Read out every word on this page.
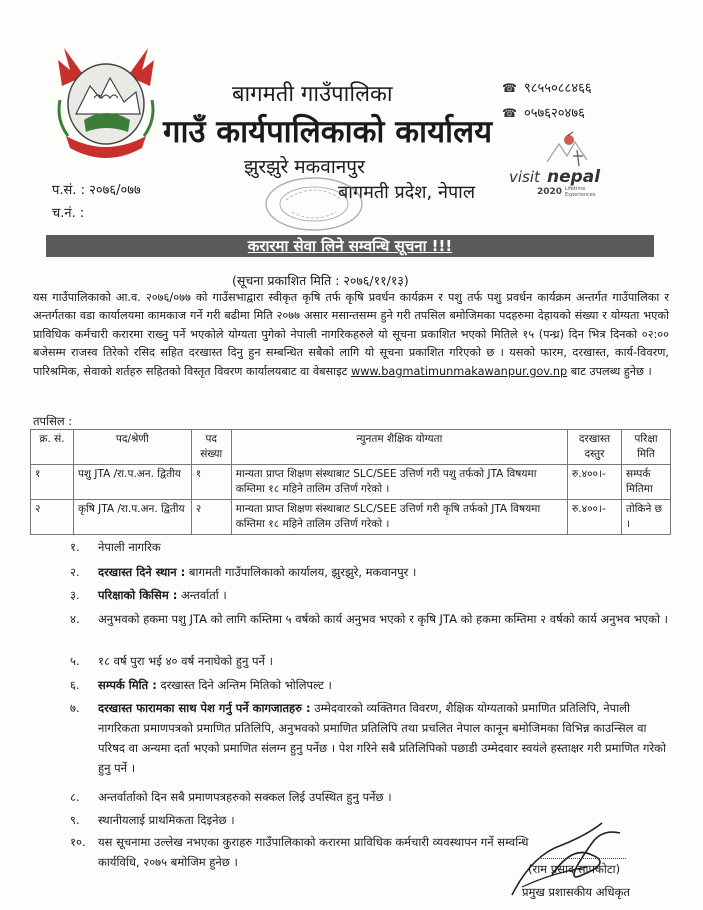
बागमती गाउँपालिका
गाउँ कार्यपालिकाको कार्यालय
झुरझुरे मकवानपुर
बागमती प्रदेश, नेपाल
प.सं. : २०७६/०७७
च.नं. :
☎ ९८५५०८८४६६
☎ ०५७६२०४७६
visit nepal
2020 Lifetime
Experiences
करारमा सेवा लिने सम्वन्धि सूचना !!!
(सूचना प्रकाशित मिति : २०७६/११/१३)
यस गाउँपालिकाको आ.व. २०७६/०७७ को गाउँसभाद्वारा स्वीकृत कृषि तर्फ कृषि प्रवर्धन कार्यक्रम र पशु तर्फ पशु प्रवर्धन कार्यक्रम अन्तर्गत गाउँपालिका र अन्तर्गतका वडा कार्यालयमा कामकाज गर्ने गरी बढीमा मिति २०७७ असार मसान्तसम्म हुने गरी तपसिल बमोजिमका पदहरुमा देहायको संख्या र योग्यता भएको प्राविधिक कर्मचारी करारमा राख्नु पर्ने भएकोले योग्यता पुगेको नेपाली नागरिकहरुले यो सूचना प्रकाशित भएको मितिले १५ (पन्ध्र) दिन भित्र दिनको ०२:०० बजेसम्म राजस्व तिरेको रसिद सहित दरखास्त दिनु हुन सम्बन्धित सबैको लागि यो सूचना प्रकाशित गरिएको छ । यसको फारम, दरखास्त, कार्य-विवरण, पारिश्रमिक, सेवाको शर्तहरु सहितको विस्तृत विवरण कार्यालयबाट वा वेबसाइट www.bagmatimunmakawanpur.gov.np बाट उपलब्ध हुनेछ ।
तपसिल :
क्र. सं.	पद/श्रेणी	पद संख्या	न्युनतम शैक्षिक योग्यता	दरखास्त दस्तुर	परिक्षा मिति
१	पशु JTA /रा.प.अन. द्वितीय	१	मान्यता प्राप्त शिक्षण संस्थाबाट SLC/SEE उत्तिर्ण गरी पशु तर्फको JTA विषयमा कम्तिमा १८ महिने तालिम उत्तिर्ण गरेको ।	रु.४००।-	सम्पर्क मितिमा
२	कृषि JTA /रा.प.अन. द्वितीय	२	मान्यता प्राप्त शिक्षण संस्थाबाट SLC/SEE उत्तिर्ण गरी कृषि तर्फको JTA विषयमा कम्तिमा १८ महिने तालिम उत्तिर्ण गरेको ।	रु.४००।-	तोकिने छ ।
१.	नेपाली नागरिक
२.	दरखास्त दिने स्थान : बागमती गाउँपालिकाको कार्यालय, झुरझुरे, मकवानपुर ।
३.	परिक्षाको किसिम : अन्तर्वार्ता ।
४.	अनुभवको हकमा पशु JTA को लागि कम्तिमा ५ वर्षको कार्य अनुभव भएको र कृषि JTA को हकमा कम्तिमा २ वर्षको कार्य अनुभव भएको ।
५.	१८ वर्ष पुरा भई ४० वर्ष ननाघेको हुनु पर्ने ।
६.	सम्पर्क मिति : दरखास्त दिने अन्तिम मितिको भोलिपल्ट ।
७.	दरखास्त फारामका साथ पेश गर्नु पर्ने कागजातहरु : उम्मेदवारको व्यक्तिगत विवरण, शैक्षिक योग्यताको प्रमाणित प्रतिलिपि, नेपाली नागरिकता प्रमाणपत्रको प्रमाणित प्रतिलिपि, अनुभवको प्रमाणित प्रतिलिपि तथा प्रचलित नेपाल कानून बमोजिमका विभिन्न काउन्सिल वा परिषद वा अन्यमा दर्ता भएको प्रमाणित संलग्न हुनु पर्नेछ । पेश गरिने सबै प्रतिलिपिको पछाडी उम्मेदवार स्वयंले हस्ताक्षर गरी प्रमाणित गरेको हुनु पर्ने ।
८.	अन्तर्वार्ताको दिन सबै प्रमाणपत्रहरुको सक्कल लिई उपस्थित हुनु पर्नेछ ।
९.	स्थानीयलाई प्राथमिकता दिइनेछ ।
१०.	यस सूचनामा उल्लेख नभएका कुराहरु गाउँपालिकाको करारमा प्राविधिक कर्मचारी व्यवस्थापन गर्ने सम्वन्धि कार्यविधि, २०७५ बमोजिम हुनेछ ।	(राम प्रसाद सापकोटा)
प्रमुख प्रशासकीय अधिकृत
